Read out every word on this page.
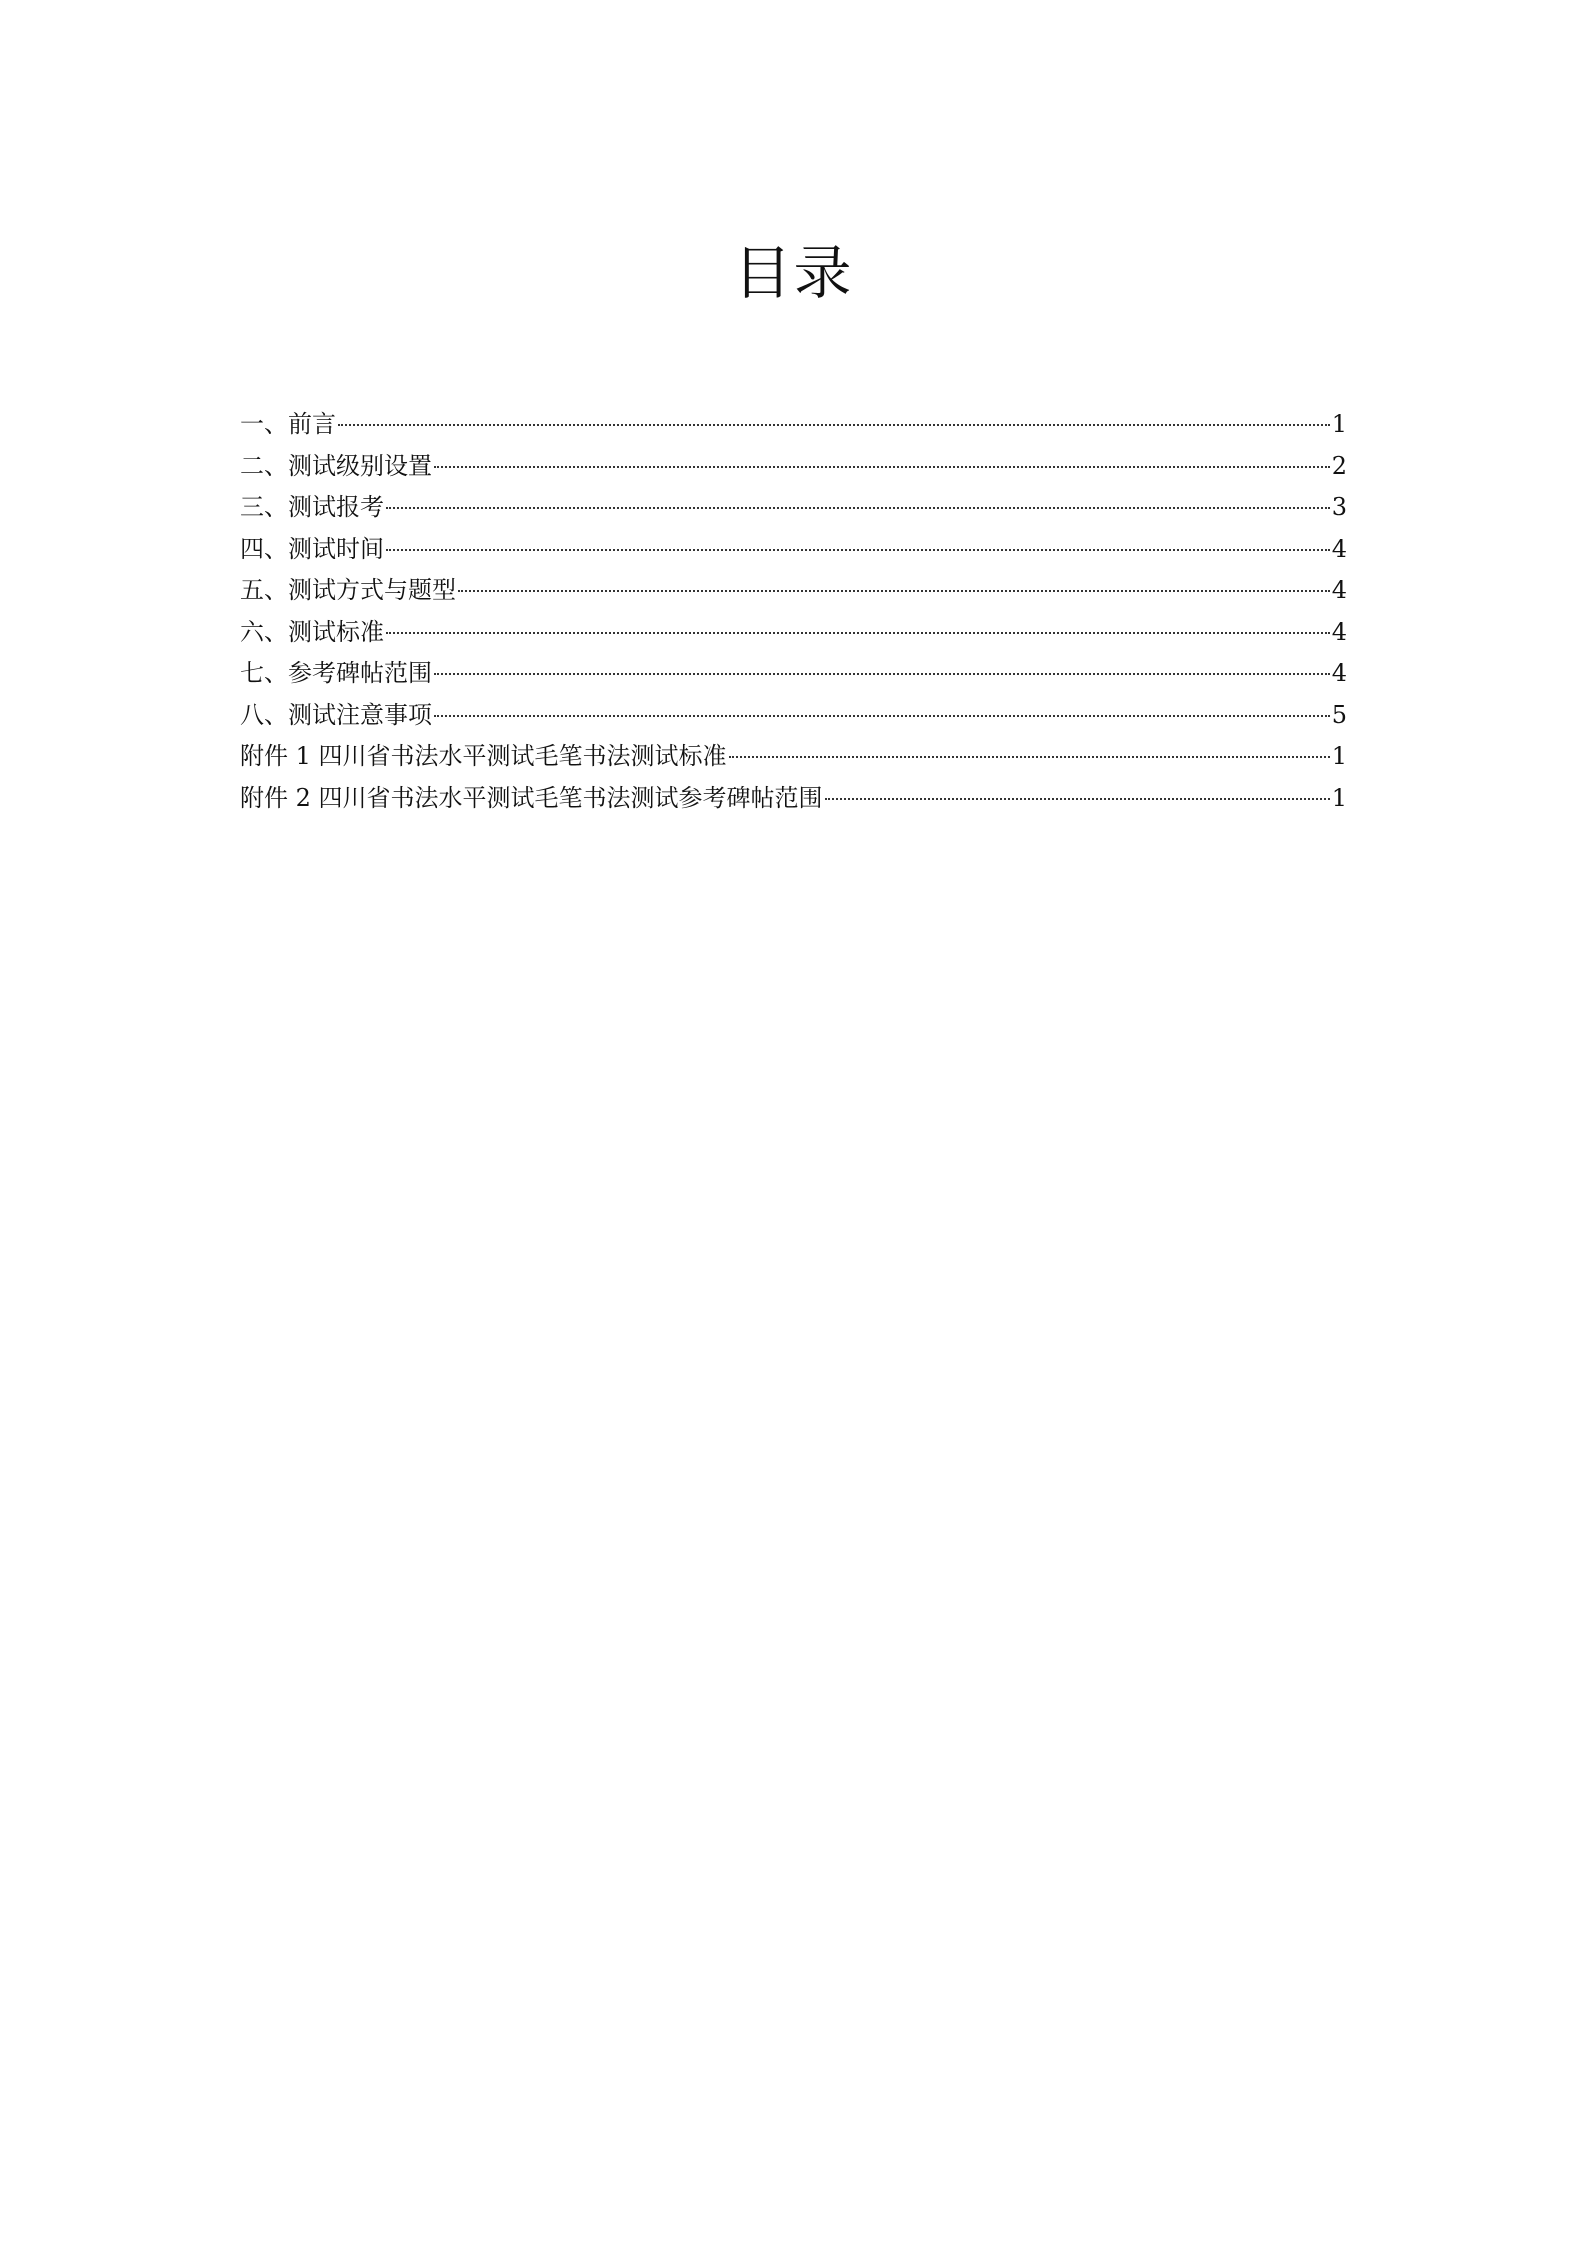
目录
一、前言	1
二、测试级别设置	2
三、测试报考	3
四、测试时间	4
五、测试方式与题型	4
六、测试标准	4
七、参考碑帖范围	4
八、测试注意事项	5
附件 1 四川省书法水平测试毛笔书法测试标准	1
附件 2 四川省书法水平测试毛笔书法测试参考碑帖范围	1
